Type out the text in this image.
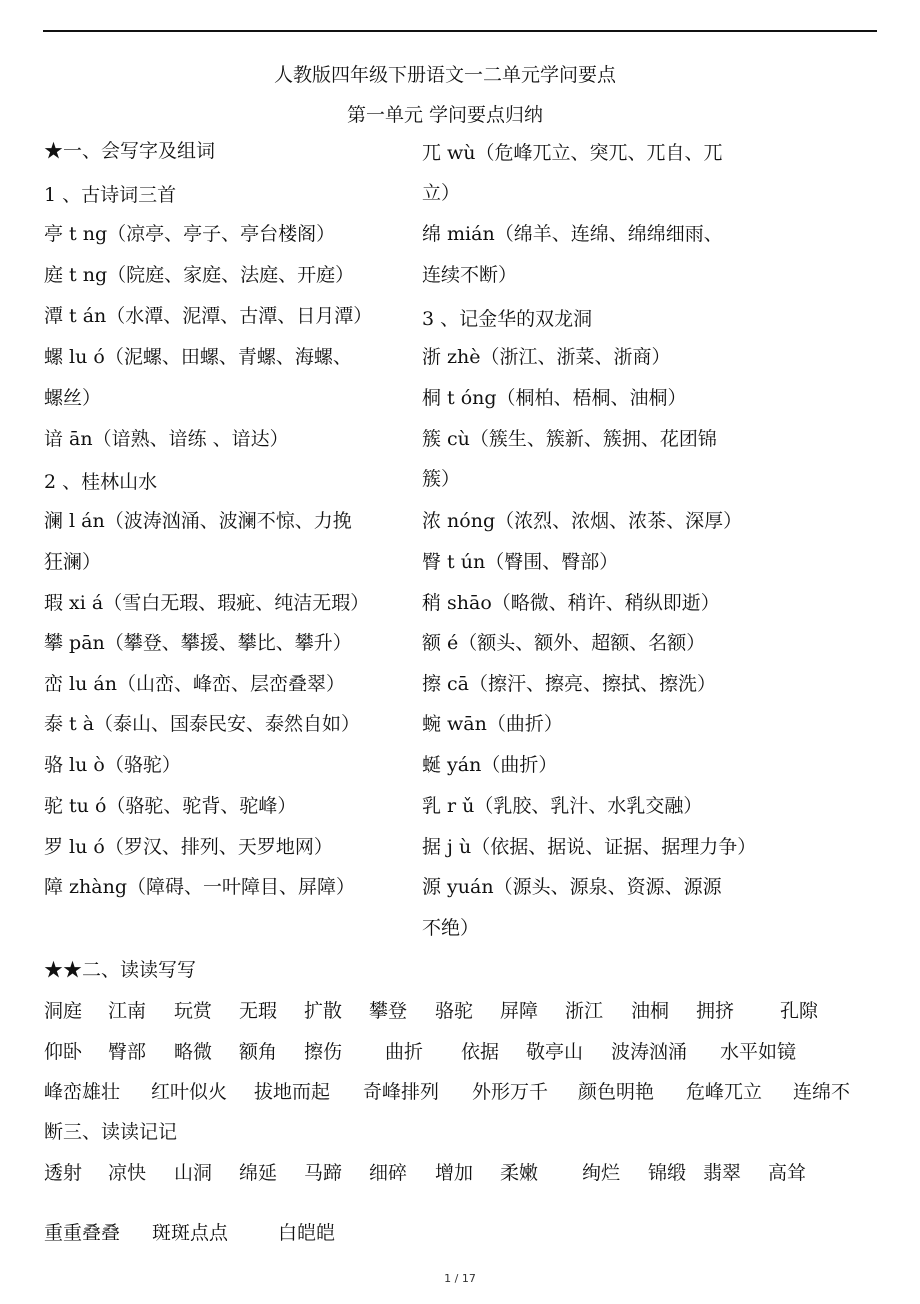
人教版四年级下册语文一二单元学问要点
第一单元 学问要点归纳
★一、会写字及组词
1 、古诗词三首
亭 t ng（凉亭、亭子、亭台楼阁）
庭 t ng（院庭、家庭、法庭、开庭）
潭 t án（水潭、泥潭、古潭、日月潭）
螺 lu ó（泥螺、田螺、青螺、海螺、
螺丝）
谙 ān（谙熟、谙练 、谙达）
2 、桂林山水
澜 l án（波涛汹涌、波澜不惊、力挽
狂澜）
瑕 xi á（雪白无瑕、瑕疵、纯洁无瑕）
攀 pān（攀登、攀援、攀比、攀升）
峦 lu án（山峦、峰峦、层峦叠翠）
泰 t à（泰山、国泰民安、泰然自如）
骆 lu ò（骆驼）
驼 tu ó（骆驼、驼背、驼峰）
罗 lu ó（罗汉、排列、天罗地网）
障 zhàng（障碍、一叶障目、屏障）
兀 wù（危峰兀立、突兀、兀自、兀
立）
绵 mián（绵羊、连绵、绵绵细雨、
连续不断）
3 、记金华的双龙洞
浙 zhè（浙江、浙菜、浙商）
桐 t óng（桐柏、梧桐、油桐）
簇 cù（簇生、簇新、簇拥、花团锦
簇）
浓 nóng（浓烈、浓烟、浓茶、深厚）
臀 t ún（臀围、臀部）
稍 shāo（略微、稍许、稍纵即逝）
额 é（额头、额外、超额、名额）
擦 cā（擦汗、擦亮、擦拭、擦洗）
蜿 wān（曲折）
蜒 yán（曲折）
乳 r ǔ（乳胶、乳汁、水乳交融）
据 j ù（依据、据说、证据、据理力争）
源 yuán（源头、源泉、资源、源源
不绝）
★★二、读读写写
洞庭 江南 玩赏 无瑕 扩散 攀登 骆驼 屏障 浙江 油桐 拥挤 孔隙
仰卧 臀部 略微 额角 擦伤 曲折 依据 敬亭山 波涛汹涌 水平如镜
峰峦雄壮 红叶似火 拔地而起 奇峰排列 外形万千 颜色明艳 危峰兀立 连绵不
断三、读读记记
透射 凉快 山洞 绵延 马蹄 细碎 增加 柔嫩 绚烂 锦缎 翡翠 高耸
重重叠叠 斑斑点点	白皑皑
1 / 17
